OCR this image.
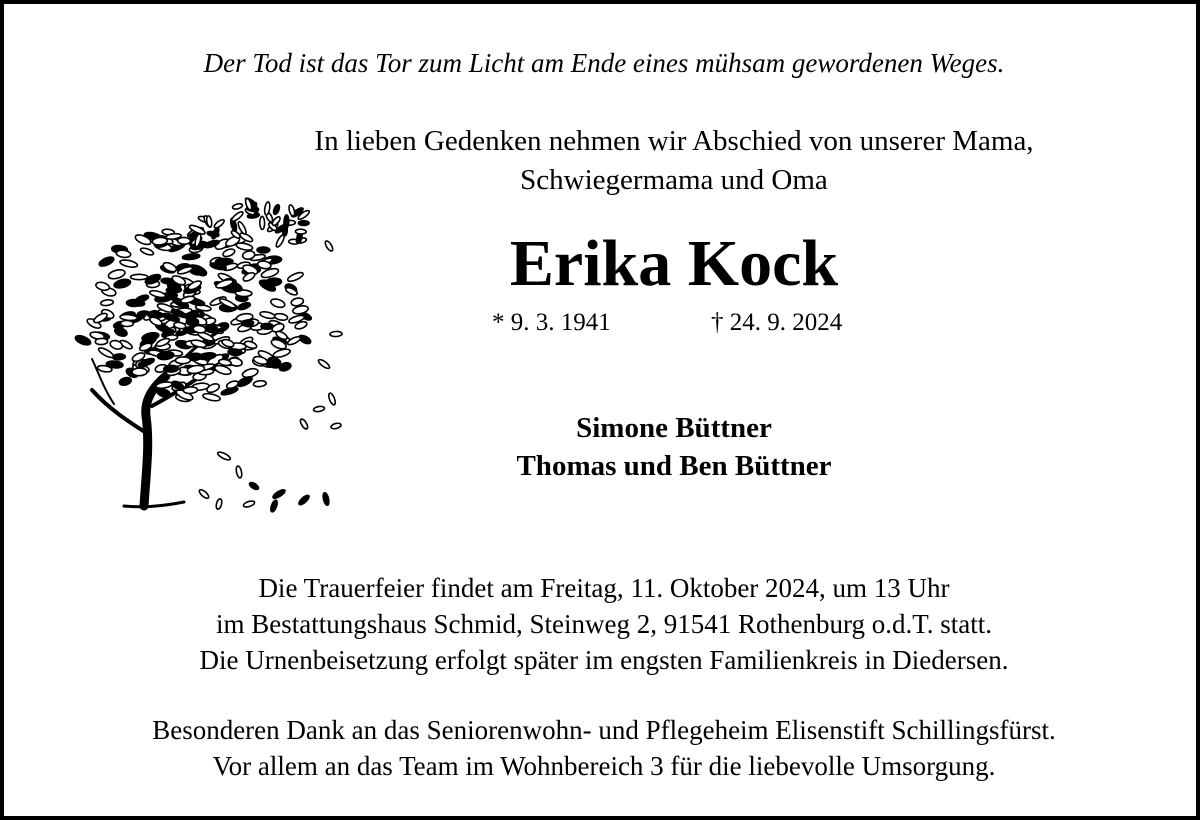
Der Tod ist das Tor zum Licht am Ende eines mühsam gewordenen Weges.
In lieben Gedenken nehmen wir Abschied von unserer Mama,
Schwiegermama und Oma
Erika Kock
* 9. 3. 1941	† 24. 9. 2024
Simone Büttner
Thomas und Ben Büttner
Die Trauerfeier findet am Freitag, 11. Oktober 2024, um 13 Uhr
im Bestattungshaus Schmid, Steinweg 2, 91541 Rothenburg o.d.T. statt.
Die Urnenbeisetzung erfolgt später im engsten Familienkreis in Diedersen.
Besonderen Dank an das Seniorenwohn- und Pflegeheim Elisenstift Schillingsfürst.
Vor allem an das Team im Wohnbereich 3 für die liebevolle Umsorgung.
